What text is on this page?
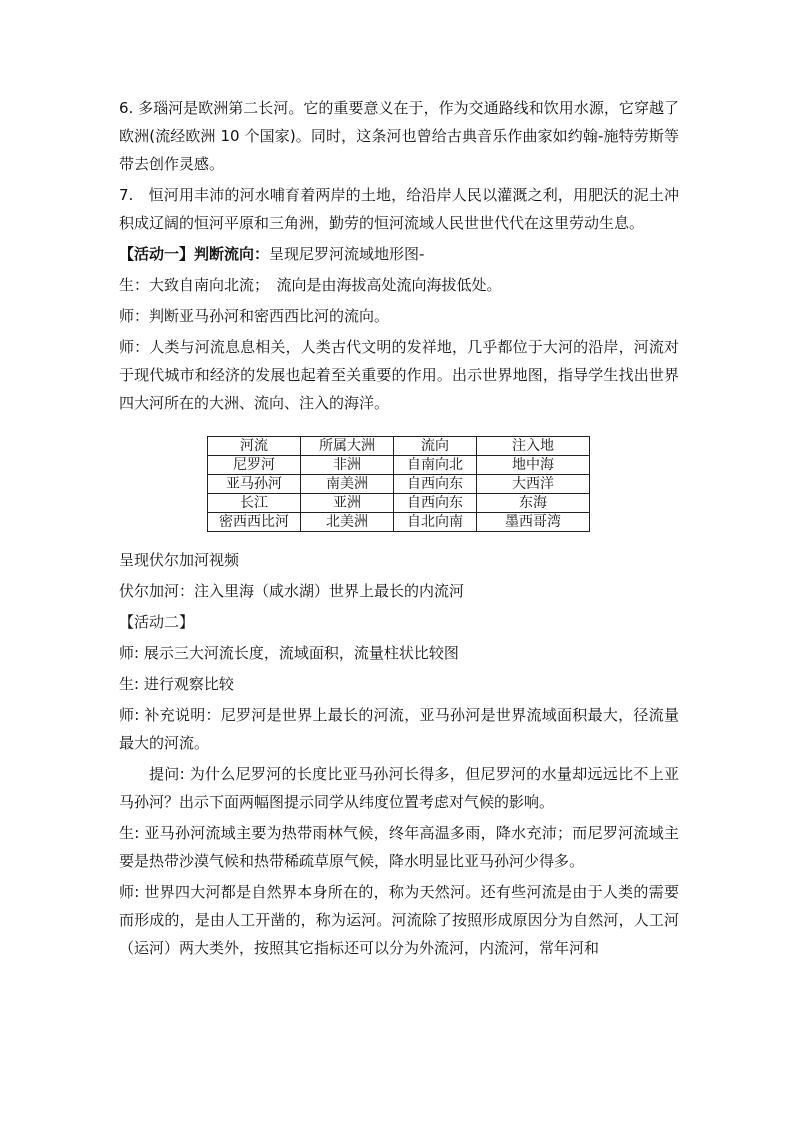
6. 多瑙河是欧洲第二长河。它的重要意义在于，作为交通路线和饮用水源，它穿越了欧洲(流经欧洲 10 个国家)。同时，这条河也曾给古典音乐作曲家如约翰-施特劳斯等带去创作灵感。

7.　恒河用丰沛的河水哺育着两岸的土地，给沿岸人民以灌溉之利，用肥沃的泥土冲积成辽阔的恒河平原和三角洲，勤劳的恒河流域人民世世代代在这里劳动生息。

【活动一】判断流向：呈现尼罗河流域地形图-

生：大致自南向北流；　流向是由海拔高处流向海拔低处。

师：判断亚马孙河和密西西比河的流向。

师：人类与河流息息相关，人类古代文明的发祥地，几乎都位于大河的沿岸，河流对于现代城市和经济的发展也起着至关重要的作用。出示世界地图，指导学生找出世界四大河所在的大洲、流向、注入的海洋。

河流	所属大洲	流向	注入地
尼罗河	非洲	自南向北	地中海
亚马孙河	南美洲	自西向东	大西洋
长江	亚洲	自西向东	东海
密西西比河	北美洲	自北向南	墨西哥湾

呈现伏尔加河视频

伏尔加河：注入里海（咸水湖）世界上最长的内流河

【活动二】

师: 展示三大河流长度，流域面积，流量柱状比较图

生: 进行观察比较

师: 补充说明：尼罗河是世界上最长的河流，亚马孙河是世界流域面积最大，径流量最大的河流。

提问: 为什么尼罗河的长度比亚马孙河长得多，但尼罗河的水量却远远比不上亚马孙河？出示下面两幅图提示同学从纬度位置考虑对气候的影响。

生: 亚马孙河流域主要为热带雨林气候，终年高温多雨，降水充沛；而尼罗河流域主要是热带沙漠气候和热带稀疏草原气候，降水明显比亚马孙河少得多。

师: 世界四大河都是自然界本身所在的，称为天然河。还有些河流是由于人类的需要而形成的，是由人工开凿的，称为运河。河流除了按照形成原因分为自然河，人工河（运河）两大类外，按照其它指标还可以分为外流河，内流河，常年河和
